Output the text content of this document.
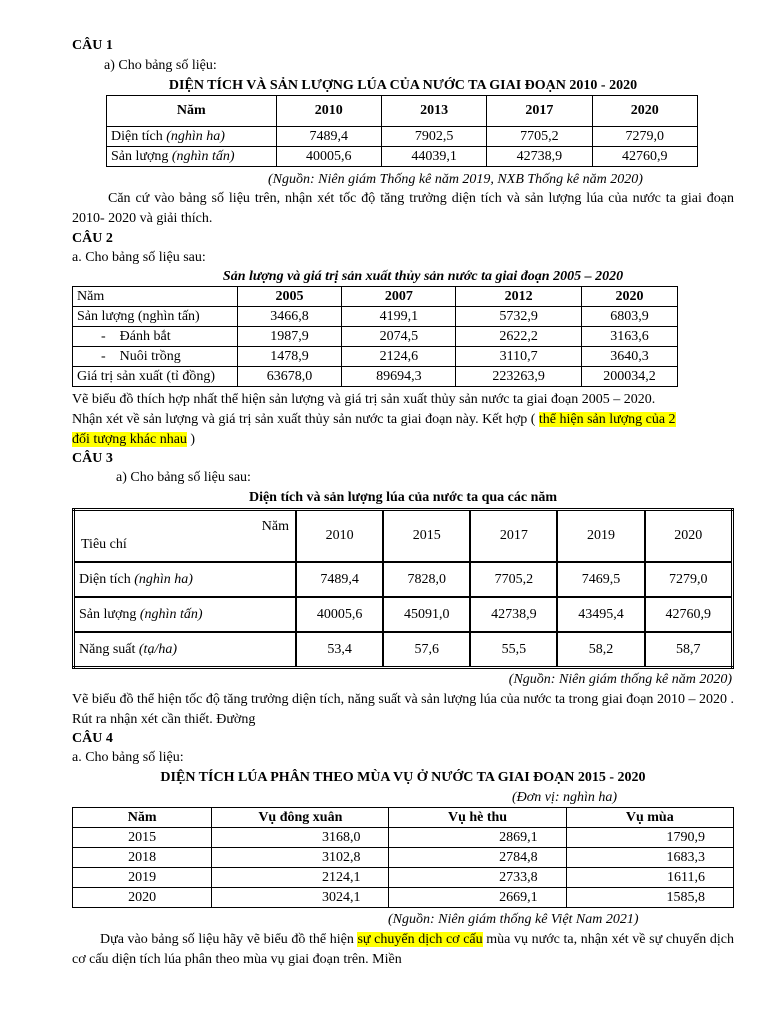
CÂU 1
a) Cho bảng số liệu:
DIỆN TÍCH VÀ SẢN LƯỢNG LÚA CỦA NƯỚC TA GIAI ĐOẠN 2010 - 2020
Năm	2010	2013	2017	2020
Diện tích (nghìn ha)	7489,4	7902,5	7705,2	7279,0
Sản lượng (nghìn tấn)	40005,6	44039,1	42738,9	42760,9
(Nguồn: Niên giám Thống kê năm 2019, NXB Thống kê năm 2020)
Căn cứ vào bảng số liệu trên, nhận xét tốc độ tăng trưởng diện tích và sản lượng lúa của nước ta giai đoạn 2010- 2020 và giải thích.
CÂU 2
a. Cho bảng số liệu sau:
Sản lượng và giá trị sản xuất thủy sản nước ta giai đoạn 2005 – 2020
Năm	2005	2007	2012	2020
Sản lượng (nghìn tấn)	3466,8	4199,1	5732,9	6803,9
-    Đánh bắt	1987,9	2074,5	2622,2	3163,6
-    Nuôi trồng	1478,9	2124,6	3110,7	3640,3
Giá trị sản xuất (tỉ đồng)	63678,0	89694,3	223263,9	200034,2
Vẽ biểu đồ thích hợp nhất thể hiện sản lượng và giá trị sản xuất thủy sản nước ta giai đoạn 2005 – 2020.
Nhận xét về sản lượng và giá trị sản xuất thủy sản nước ta giai đoạn này. Kết hợp ( thể hiện sản lượng của 2
đối tượng khác nhau )
CÂU 3
a) Cho bảng số liệu sau:
Diện tích và sản lượng lúa của nước ta qua các năm
Năm
Tiêu chí	2010	2015	2017	2019	2020
Diện tích (nghìn ha)	7489,4	7828,0	7705,2	7469,5	7279,0
Sản lượng (nghìn tấn)	40005,6	45091,0	42738,9	43495,4	42760,9
Năng suất (tạ/ha)	53,4	57,6	55,5	58,2	58,7
(Nguồn: Niên giám thống kê năm 2020)
Vẽ biểu đồ thể hiện tốc độ tăng trưởng diện tích, năng suất và sản lượng lúa của nước ta trong giai đoạn 2010 – 2020 . Rút ra nhận xét cần thiết. Đường
CÂU 4
a. Cho bảng số liệu:
DIỆN TÍCH LÚA PHÂN THEO MÙA VỤ Ở NƯỚC TA GIAI ĐOẠN 2015 - 2020
(Đơn vị: nghìn ha)
Năm	Vụ đông xuân	Vụ hè thu	Vụ mùa
2015	3168,0	2869,1	1790,9
2018	3102,8	2784,8	1683,3
2019	2124,1	2733,8	1611,6
2020	3024,1	2669,1	1585,8
(Nguồn: Niên giám thống kê Việt Nam 2021)
Dựa vào bảng số liệu hãy vẽ biểu đồ thể hiện sự chuyển dịch cơ cấu mùa vụ nước ta, nhận xét về sự chuyển dịch cơ cấu diện tích lúa phân theo mùa vụ giai đoạn trên. Miền
